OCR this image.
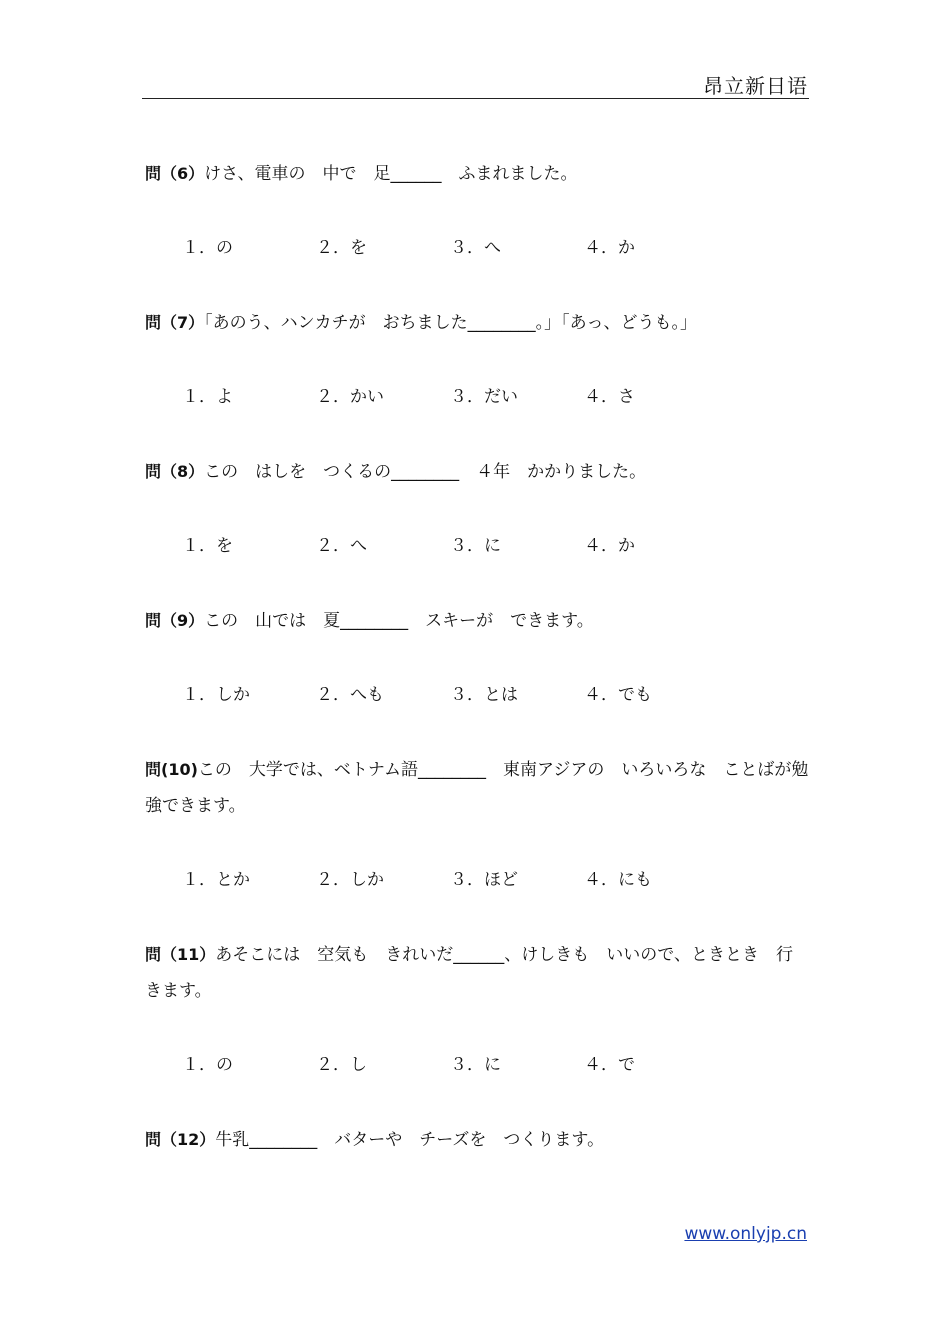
昂立新日语

問（6）けさ、電車の　中で　足______　ふまれました。

１．の	２．を	３．へ	４．か

問（7）「あのう、ハンカチが　おちました________。」「あっ、どうも。」

１．よ	２．かい	３．だい	４．さ

問（8）この　はしを　つくるの________　４年　かかりました。

１．を	２．へ	３．に	４．か

問（9）この　山では　夏________　スキーが　できます。

１．しか	２．へも	３．とは	４．でも

問(10)この　大学では、ベトナム語________　東南アジアの　いろいろな　ことばが勉強できます。

１．とか	２．しか	３．ほど	４．にも

問（11）あそこには　空気も　きれいだ______、けしきも　いいので、ときとき　行きます。

１．の	２．し	３．に	４．で

問（12）牛乳________　バターや　チーズを　つくります。

www.onlyjp.cn
